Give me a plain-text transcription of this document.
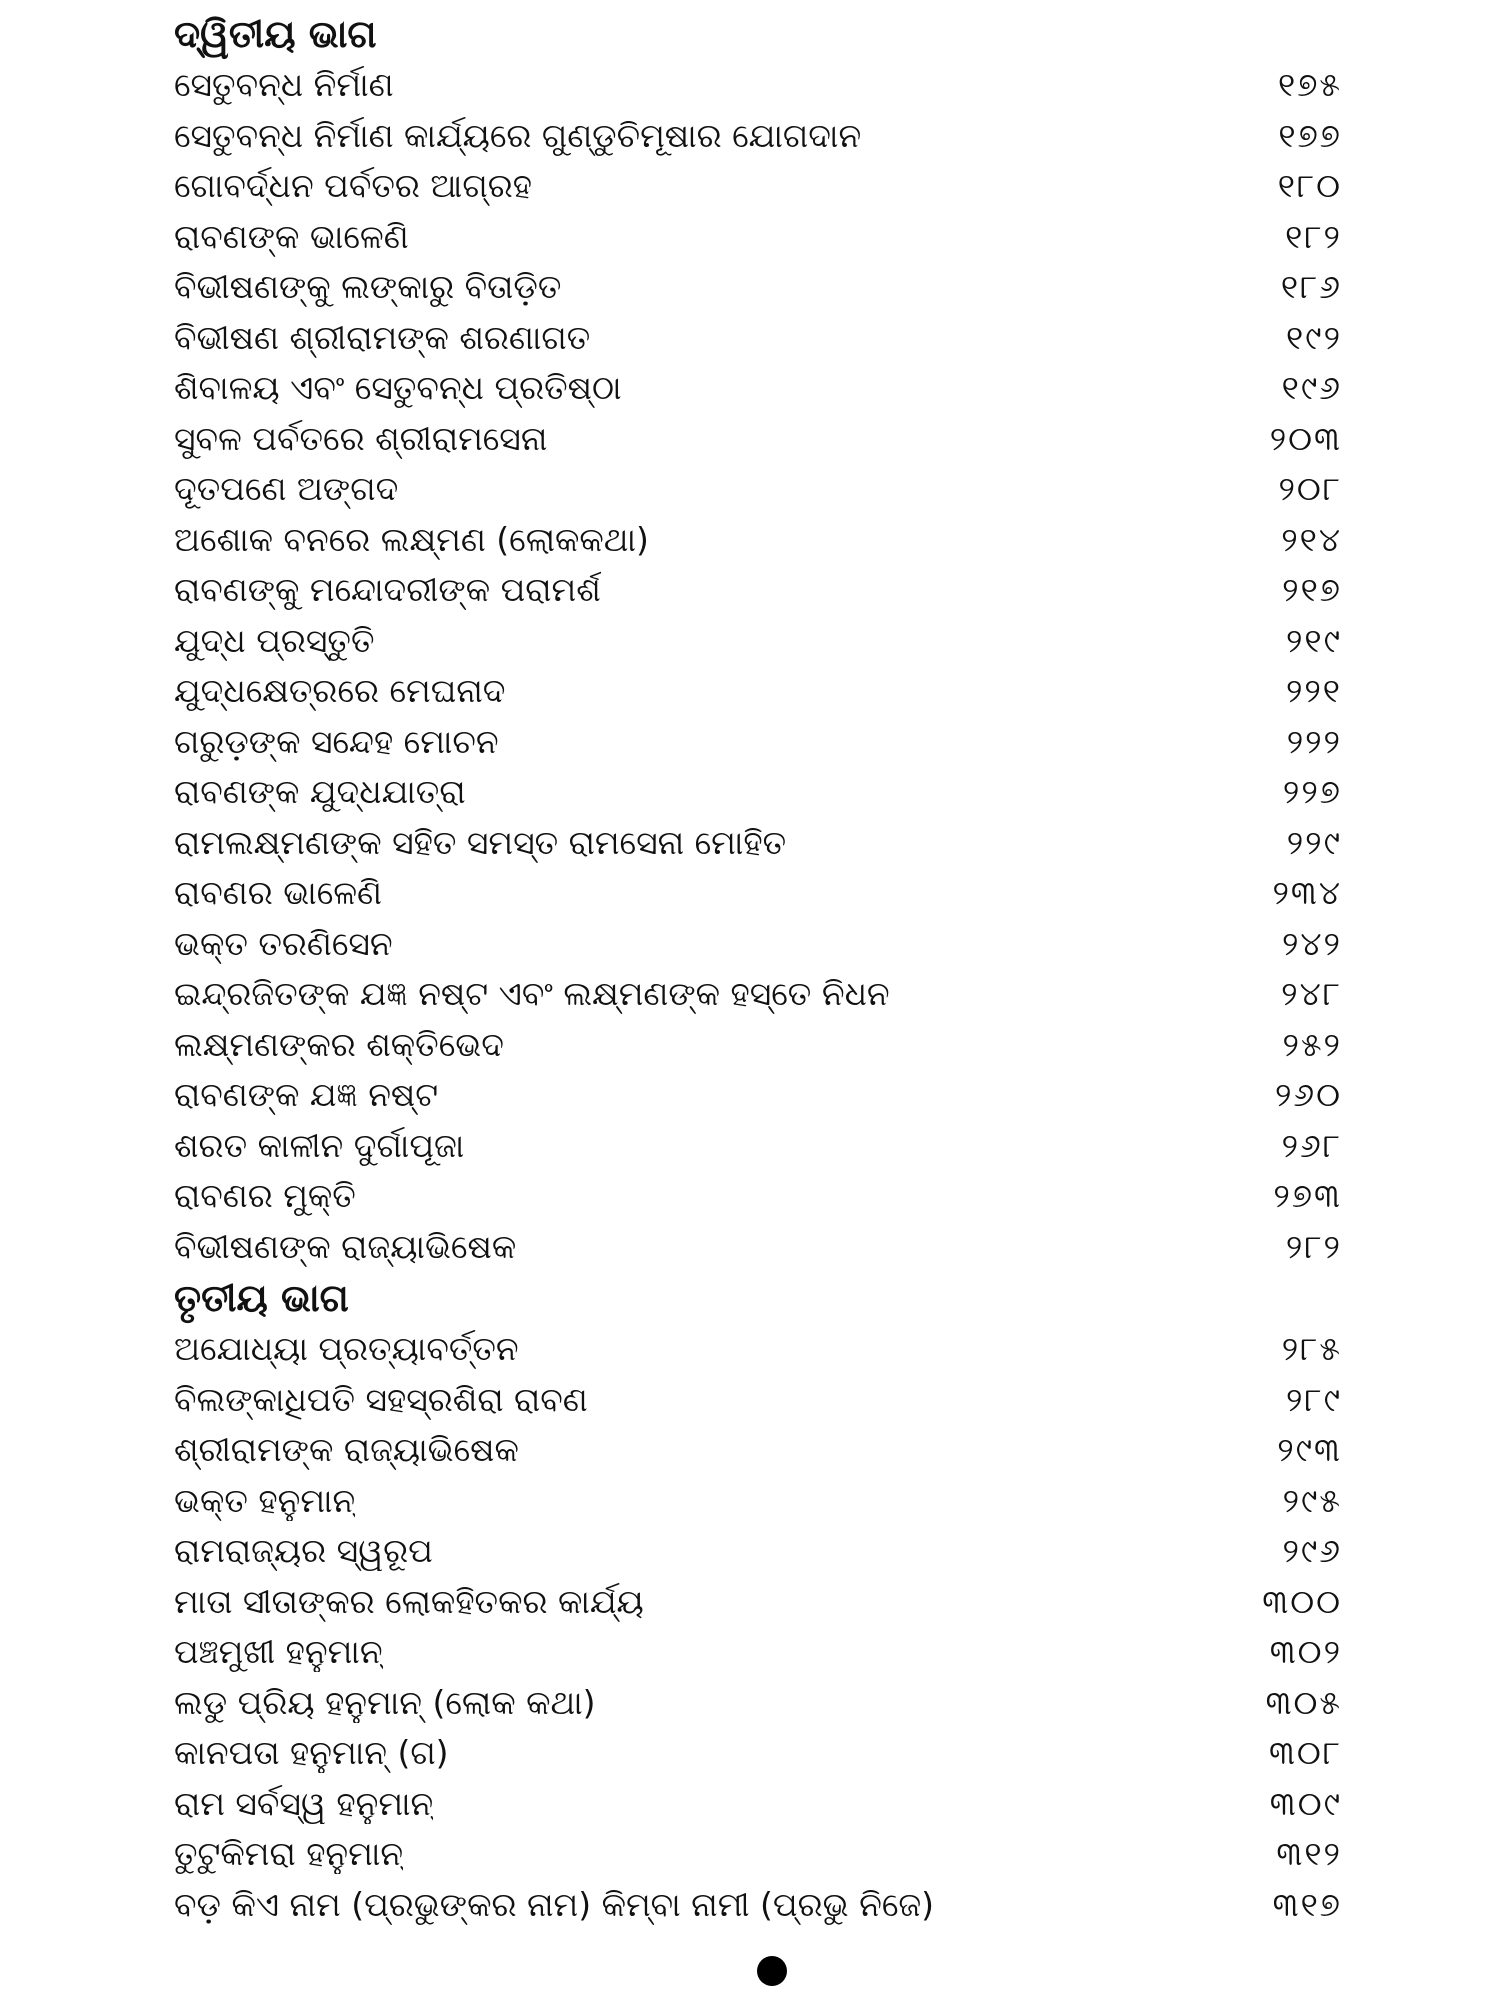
ଦ୍ୱିତୀୟ ଭାଗ
ସେତୁବନ୍ଧ ନିର୍ମାଣ	୧୭୫
ସେତୁବନ୍ଧ ନିର୍ମାଣ କାର୍ଯ୍ୟରେ ଗୁଣ୍ଡୁଚିମୂଷାର ଯୋଗଦାନ	୧୭୭
ଗୋବର୍ଦ୍ଧନ ପର୍ବତର ଆଗ୍ରହ	୧୮୦
ରାବଣଙ୍କ ଭାଳେଣି	୧୮୨
ବିଭୀଷଣଙ୍କୁ ଲଙ୍କାରୁ ବିତାଡ଼ିତ	୧୮୬
ବିଭୀଷଣ ଶ୍ରୀରାମଙ୍କ ଶରଣାଗତ	୧୯୨
ଶିବାଳୟ ଏବଂ ସେତୁବନ୍ଧ ପ୍ରତିଷ୍ଠା	୧୯୬
ସୁବଳ ପର୍ବତରେ ଶ୍ରୀରାମସେନା	୨୦୩
ଦୂତପଣେ ଅଙ୍ଗଦ	୨୦୮
ଅଶୋକ ବନରେ ଲକ୍ଷ୍ମଣ (ଲୋକକଥା)	୨୧୪
ରାବଣଙ୍କୁ ମନ୍ଦୋଦରୀଙ୍କ ପରାମର୍ଶ	୨୧୭
ଯୁଦ୍ଧ ପ୍ରସ୍ତୁତି	୨୧୯
ଯୁଦ୍ଧକ୍ଷେତ୍ରରେ ମେଘନାଦ	୨୨୧
ଗରୁଡ଼ଙ୍କ ସନ୍ଦେହ ମୋଚନ	୨୨୨
ରାବଣଙ୍କ ଯୁଦ୍ଧଯାତ୍ରା	୨୨୭
ରାମଲକ୍ଷ୍ମଣଙ୍କ ସହିତ ସମସ୍ତ ରାମସେନା ମୋହିତ	୨୨୯
ରାବଣର ଭାଳେଣି	୨୩୪
ଭକ୍ତ ତରଣିସେନ	୨୪୨
ଇନ୍ଦ୍ରଜିତଙ୍କ ଯଜ୍ଞ ନଷ୍ଟ ଏବଂ ଲକ୍ଷ୍ମଣଙ୍କ ହସ୍ତେ ନିଧନ	୨୪୮
ଲକ୍ଷ୍ମଣଙ୍କର ଶକ୍ତିଭେଦ	୨୫୨
ରାବଣଙ୍କ ଯଜ୍ଞ ନଷ୍ଟ	୨୬୦
ଶରତ କାଳୀନ ଦୁର୍ଗାପୂଜା	୨୬୮
ରାବଣର ମୁକ୍ତି	୨୭୩
ବିଭୀଷଣଙ୍କ ରାଜ୍ୟାଭିଷେକ	୨୮୨
ତୃତୀୟ ଭାଗ
ଅଯୋଧ୍ୟା ପ୍ରତ୍ୟାବର୍ତ୍ତନ	୨୮୫
ବିଲଙ୍କାଧିପତି ସହସ୍ରଶିରା ରାବଣ	୨୮୯
ଶ୍ରୀରାମଙ୍କ ରାଜ୍ୟାଭିଷେକ	୨୯୩
ଭକ୍ତ ହନୁମାନ୍	୨୯୫
ରାମରାଜ୍ୟର ସ୍ୱରୂପ	୨୯୬
ମାତା ସୀତାଙ୍କର ଲୋକହିତକର କାର୍ଯ୍ୟ	୩୦୦
ପଞ୍ଚମୁଖୀ ହନୁମାନ୍	୩୦୨
ଲଡୁ ପ୍ରିୟ ହନୁମାନ୍ (ଲୋକ କଥା)	୩୦୫
କାନପତା ହନୁମାନ୍ (ଗ)	୩୦୮
ରାମ ସର୍ବସ୍ୱ ହନୁମାନ୍	୩୦୯
ତୁଟୁକିମରା ହନୁମାନ୍	୩୧୨
ବଡ଼ କିଏ ନାମ (ପ୍ରଭୁଙ୍କର ନାମ) କିମ୍ବା ନାମୀ (ପ୍ରଭୁ ନିଜେ)	୩୧୭
